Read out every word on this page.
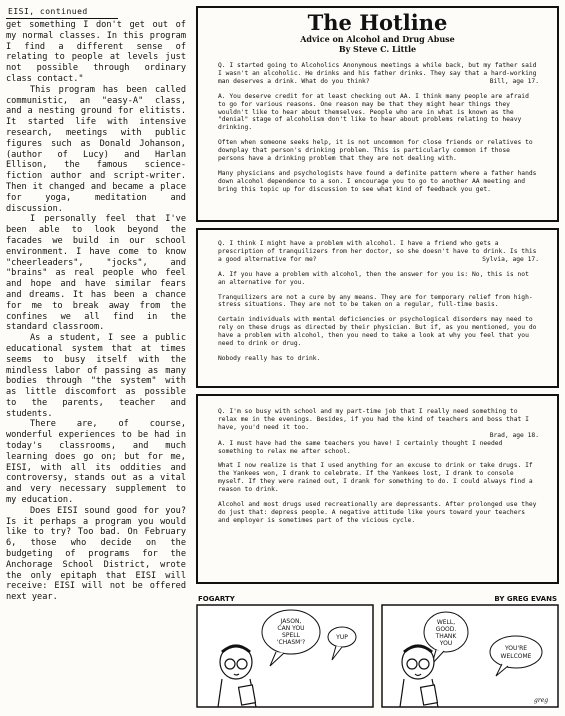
EISI, continued

get something I don't get out of my normal classes. In this program I find a different sense of relating to people at levels just not possible through ordinary class contact."

This program has been called communistic, an "easy-A" class, and a nesting ground for elitists. It started life with intensive research, meetings with public figures such as Donald Johanson, (author of Lucy) and Harlan Ellison, the famous science-fiction author and script-writer. Then it changed and became a place for yoga, meditation and discussion.

I personally feel that I've been able to look beyond the facades we build in our school environment. I have come to know "cheerleaders", "jocks", and "brains" as real people who feel and hope and have similar fears and dreams. It has been a chance for me to break away from the confines we all find in the standard classroom.

As a student, I see a public educational system that at times seems to busy itself with the mindless labor of passing as many bodies through "the system" with as little discomfort as possible to the parents, teacher and students.

There are, of course, wonderful experiences to be had in today's classrooms, and much learning does go on; but for me, EISI, with all its oddities and controversy, stands out as a vital and very necessary supplement to my education.

Does EISI sound good for you? Is it perhaps a program you would like to try? Too bad. On February 6, those who decide on the budgeting of programs for the Anchorage School District, wrote the only epitaph that EISI will receive: EISI will not be offered next year.

The Hotline
Advice on Alcohol and Drug Abuse
By Steve C. Little

Q. I started going to Alcoholics Anonymous meetings a while back, but my father said I wasn't an alcoholic. He drinks and his father drinks. They say that a hard-working man deserves a drink. What do you think?	Bill, age 17.

A. You deserve credit for at least checking out AA. I think many people are afraid to go for various reasons. One reason may be that they might hear things they wouldn't like to hear about themselves. People who are in what is known as the "denial" stage of alcoholism don't like to hear about problems relating to heavy drinking.

Often when someone seeks help, it is not uncommon for close friends or relatives to downplay that person's drinking problem. This is particularly common if those persons have a drinking problem that they are not dealing with.

Many physicians and psychologists have found a definite pattern where a father hands down alcohol dependence to a son. I encourage you to go to another AA meeting and bring this topic up for discussion to see what kind of feedback you get.

Q. I think I might have a problem with alcohol. I have a friend who gets a prescription of tranquilizers from her doctor, so she doesn't have to drink. Is this a good alternative for me?	Sylvia, age 17.

A. If you have a problem with alcohol, then the answer for you is: No, this is not an alternative for you.

Tranquilizers are not a cure by any means. They are for temporary relief from high-stress situations. They are not to be taken on a regular, full-time basis.

Certain individuals with mental deficiencies or psychological disorders may need to rely on these drugs as directed by their physician. But if, as you mentioned, you do have a problem with alcohol, then you need to take a look at why you feel that you need to drink or drug.

Nobody really has to drink.

Q. I'm so busy with school and my part-time job that I really need something to relax me in the evenings. Besides, if you had the kind of teachers and boss that I have, you'd need it too.

Brad, age 18.

A. I must have had the same teachers you have! I certainly thought I needed something to relax me after school.

What I now realize is that I used anything for an excuse to drink or take drugs. If the Yankees won, I drank to celebrate. If the Yankees lost, I drank to console myself. If they were rained out, I drank for something to do. I could always find a reason to drink.

Alcohol and most drugs used recreationally are depressants. After prolonged use they do just that: depress people. A negative attitude like yours toward your teachers and employer is sometimes part of the vicious cycle.

FOGARTY	BY GREG EVANS
JASON, CAN YOU SPELL 'CHASM'?
YUP
WELL, GOOD. THANK YOU
YOU'RE WELCOME
greg
